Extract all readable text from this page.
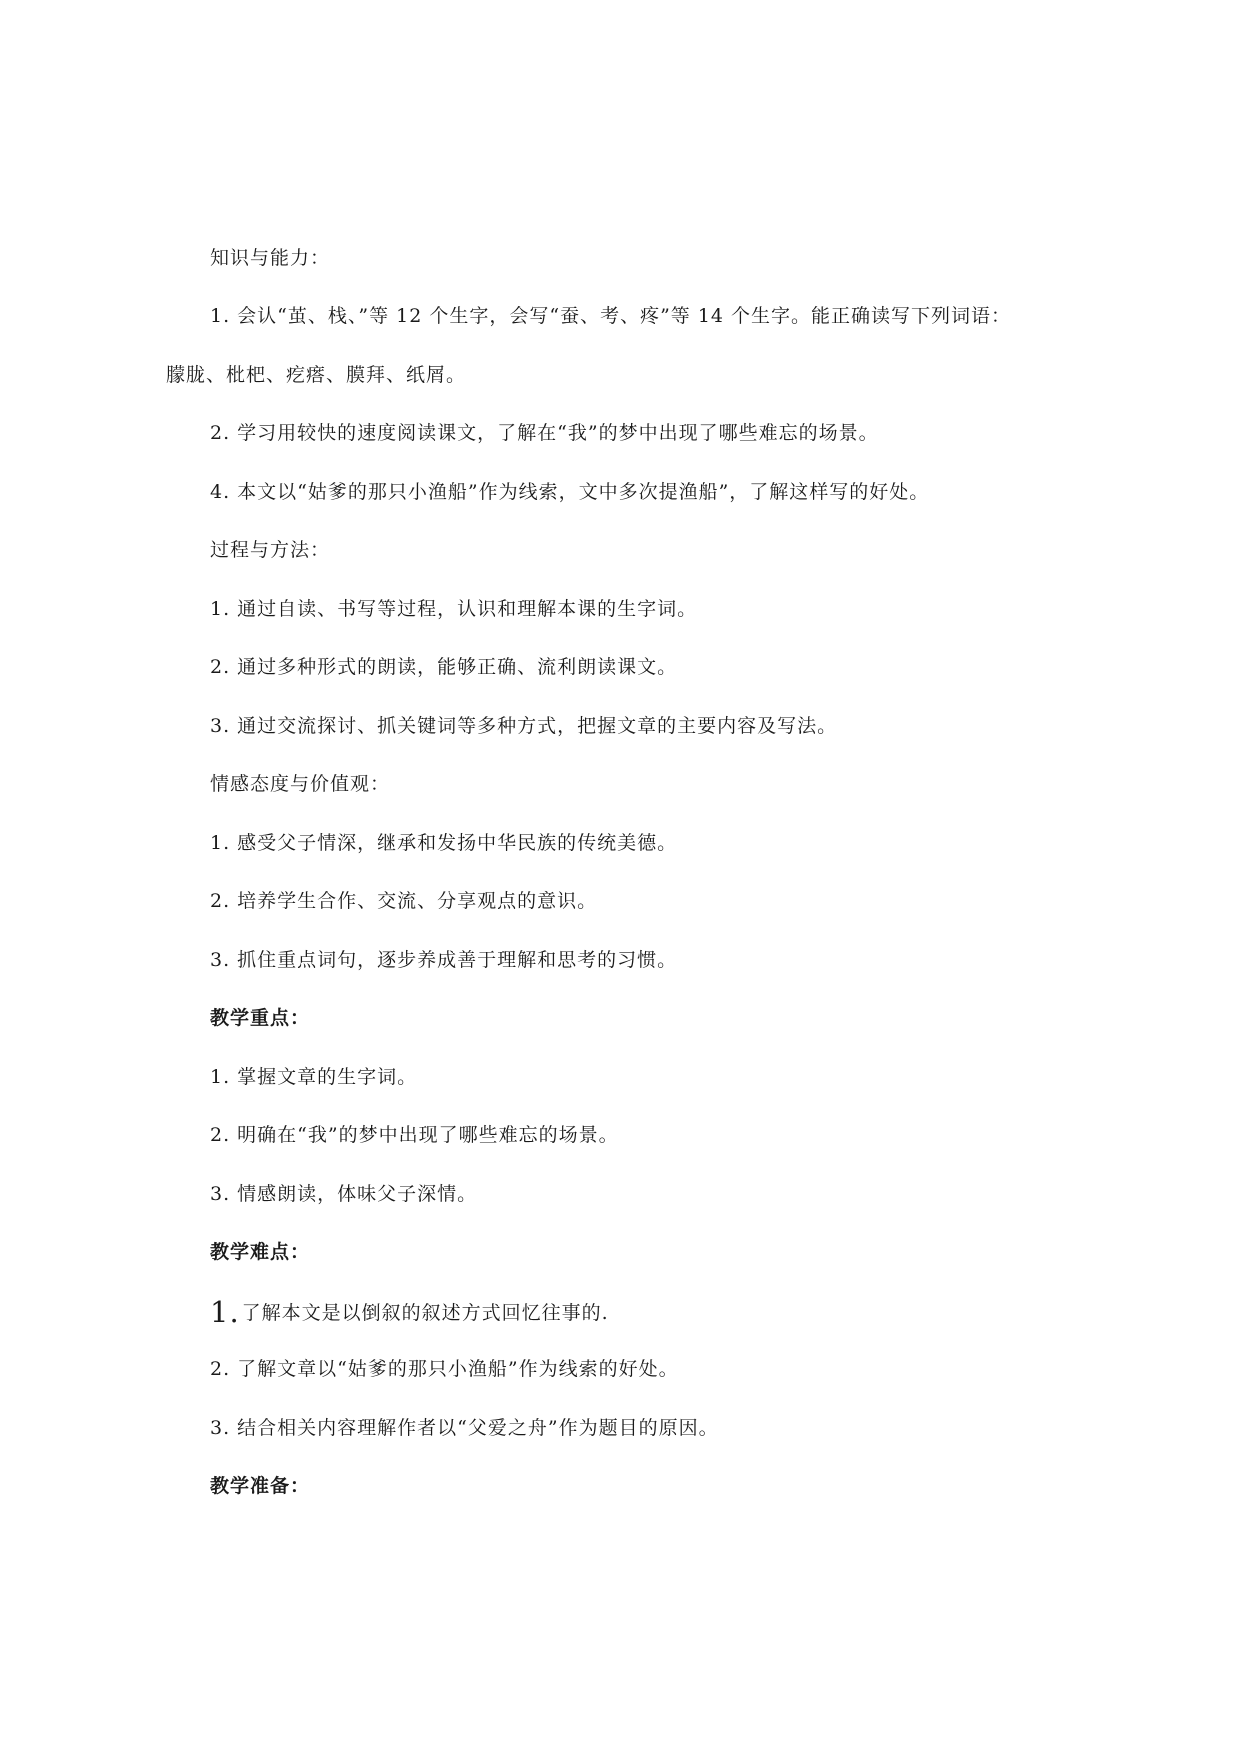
知识与能力：
1. 会认“茧、栈、”等 12 个生字，会写“蚕、考、疼”等 14 个生字。能正确读写下列词语：
朦胧、枇杷、疙瘩、膜拜、纸屑。
2. 学习用较快的速度阅读课文，了解在“我”的梦中出现了哪些难忘的场景。
4. 本文以“姑爹的那只小渔船”作为线索，文中多次提渔船”，了解这样写的好处。
过程与方法：
1. 通过自读、书写等过程，认识和理解本课的生字词。
2. 通过多种形式的朗读，能够正确、流利朗读课文。
3. 通过交流探讨、抓关键词等多种方式，把握文章的主要内容及写法。
情感态度与价值观：
1. 感受父子情深，继承和发扬中华民族的传统美德。
2. 培养学生合作、交流、分享观点的意识。
3. 抓住重点词句，逐步养成善于理解和思考的习惯。
教学重点：
1. 掌握文章的生字词。
2. 明确在“我”的梦中出现了哪些难忘的场景。
3. 情感朗读，体味父子深情。
教学难点：
1. 了解本文是以倒叙的叙述方式回忆往事的.
2. 了解文章以“姑爹的那只小渔船”作为线索的好处。
3. 结合相关内容理解作者以“父爱之舟”作为题目的原因。
教学准备：
